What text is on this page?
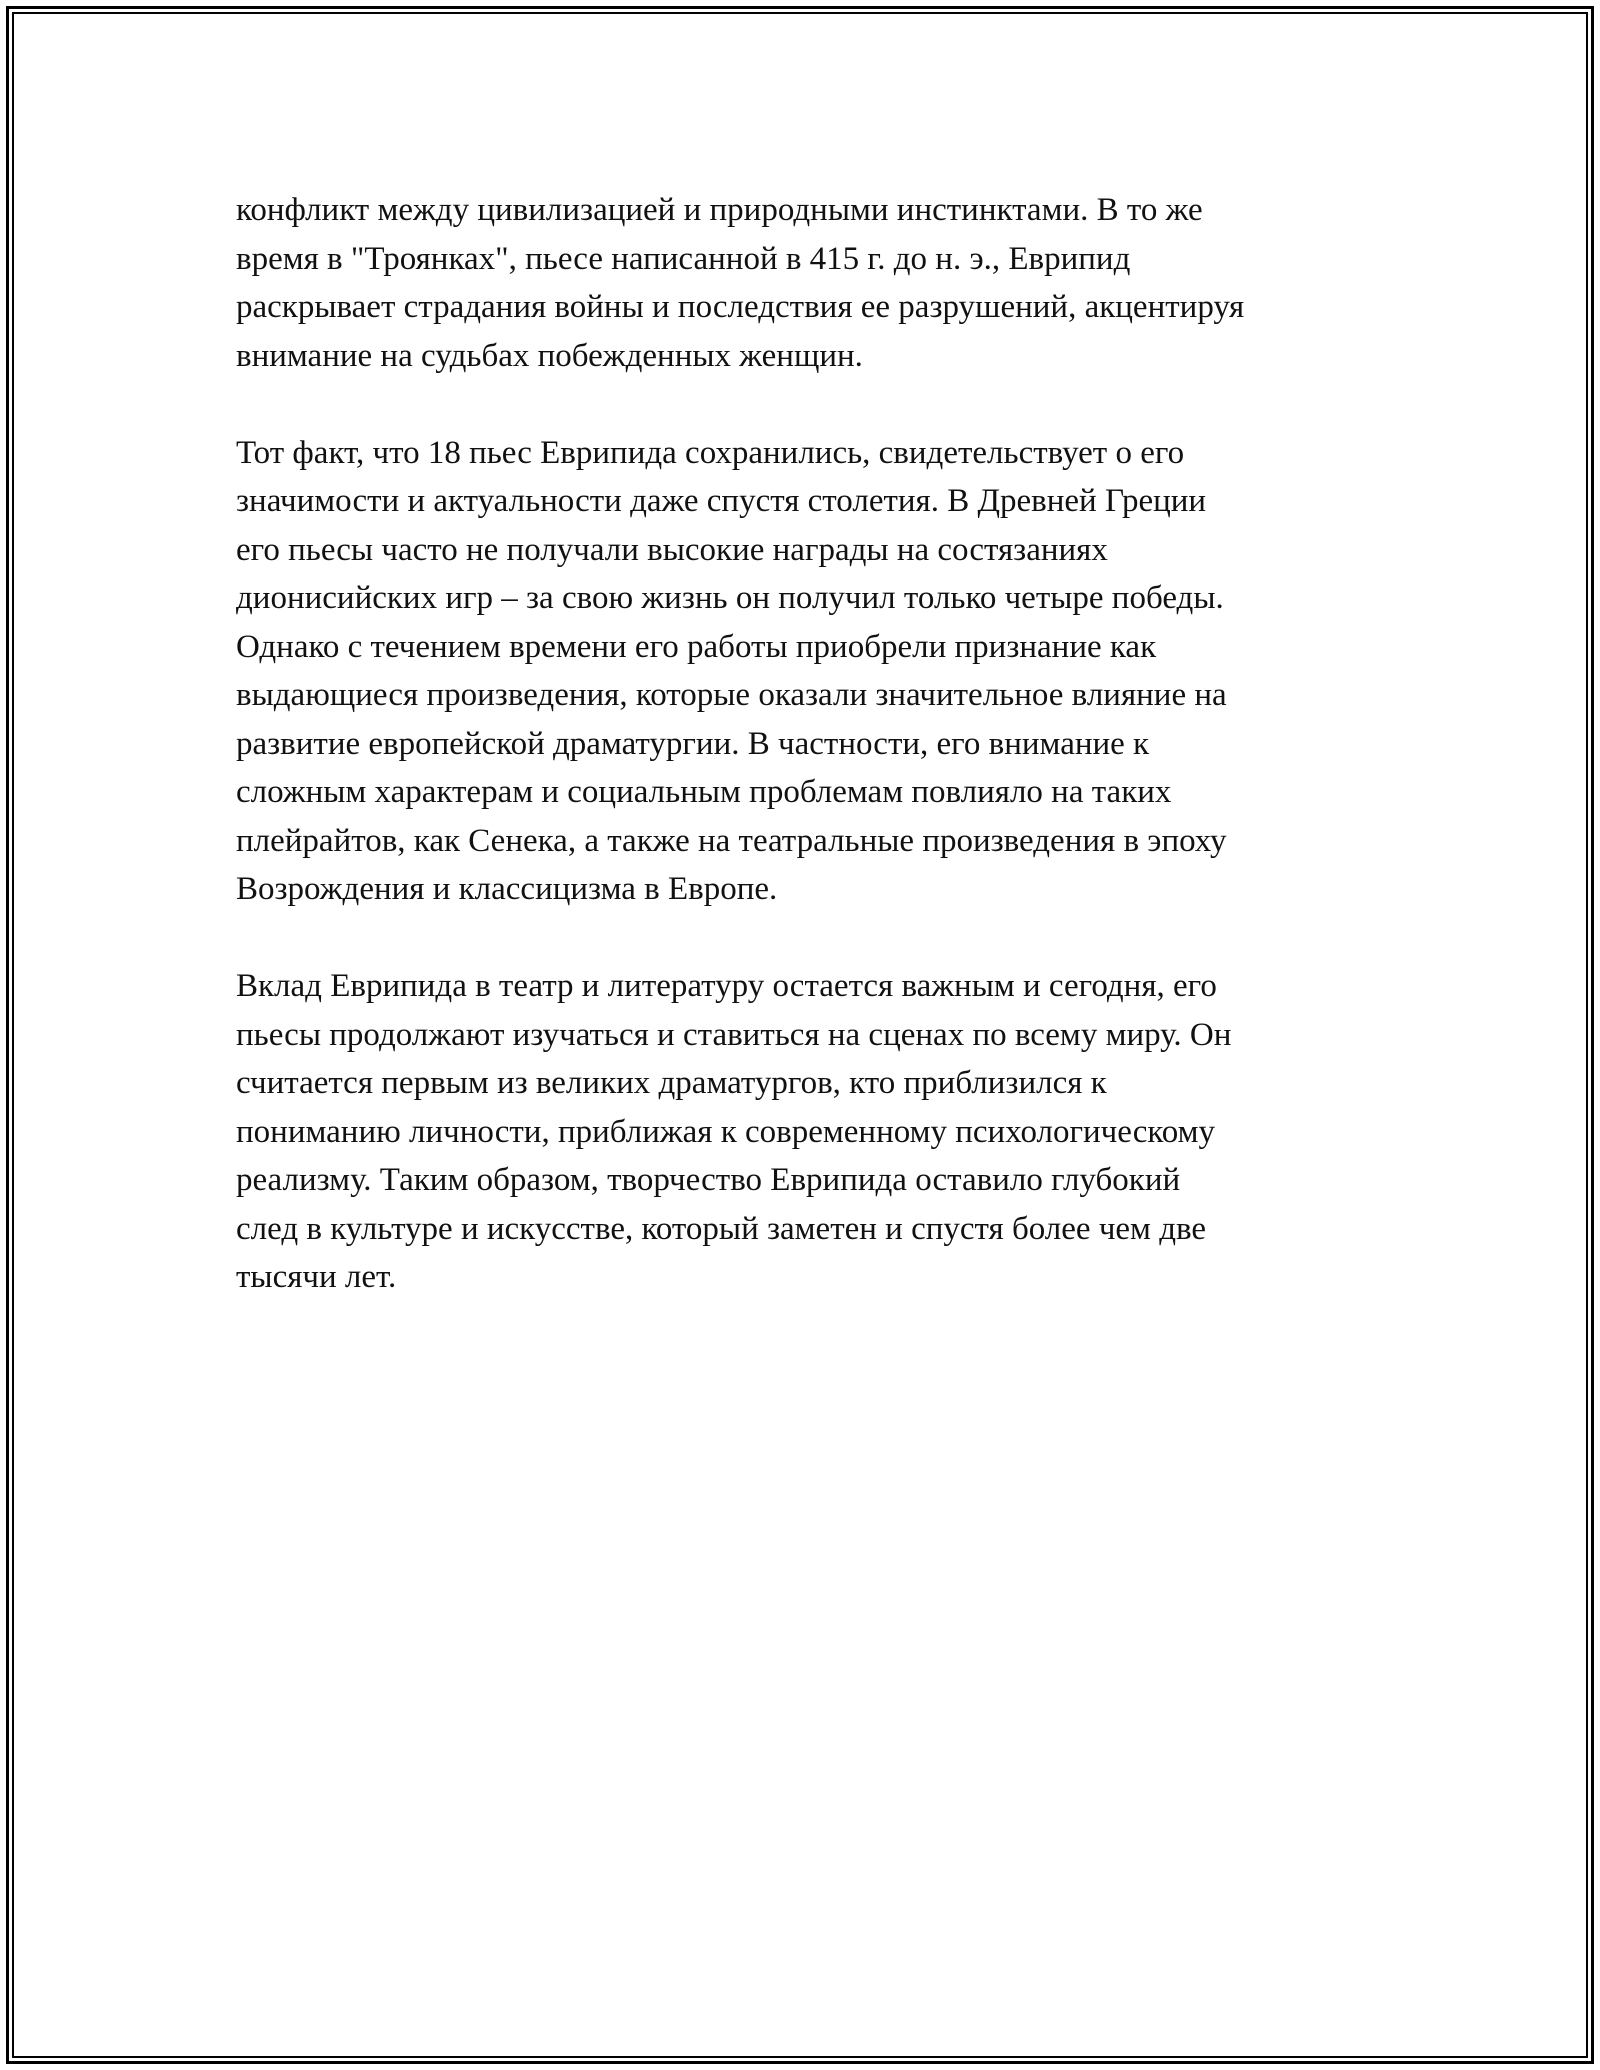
конфликт между цивилизацией и природными инстинктами. В то же
время в "Троянках", пьесе написанной в 415 г. до н. э., Еврипид
раскрывает страдания войны и последствия ее разрушений, акцентируя
внимание на судьбах побежденных женщин.

Тот факт, что 18 пьес Еврипида сохранились, свидетельствует о его
значимости и актуальности даже спустя столетия. В Древней Греции
его пьесы часто не получали высокие награды на состязаниях
дионисийских игр – за свою жизнь он получил только четыре победы.
Однако с течением времени его работы приобрели признание как
выдающиеся произведения, которые оказали значительное влияние на
развитие европейской драматургии. В частности, его внимание к
сложным характерам и социальным проблемам повлияло на таких
плейрайтов, как Сенека, а также на театральные произведения в эпоху
Возрождения и классицизма в Европе.

Вклад Еврипида в театр и литературу остается важным и сегодня, его
пьесы продолжают изучаться и ставиться на сценах по всему миру. Он
считается первым из великих драматургов, кто приблизился к
пониманию личности, приближая к современному психологическому
реализму. Таким образом, творчество Еврипида оставило глубокий
след в культуре и искусстве, который заметен и спустя более чем две
тысячи лет.
